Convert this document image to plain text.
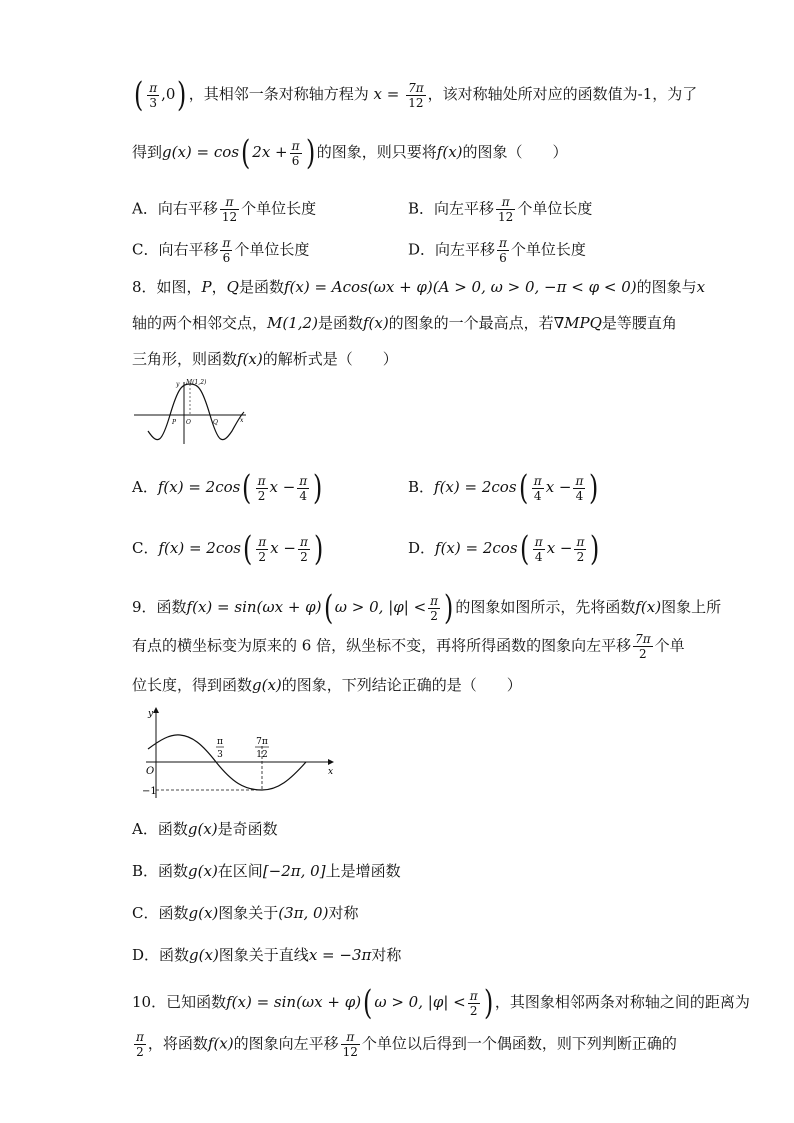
( $\frac{\pi}{3} ,0$) ，其相邻一条对称轴方程为 $x = \frac{7\pi}{12}$ ，该对称轴处所对应的函数值为-1，为了
得到g(x) = cos( $2x + \frac{\pi}{6}$ ) 的图象，则只要将f(x)的图象（　　）
A．向右平移 $\frac{\pi}{12}$ 个单位长度	B．向左平移 $\frac{\pi}{12}$ 个单位长度
C．向右平移 $\frac{\pi}{6}$ 个单位长度	D．向左平移 $\frac{\pi}{6}$ 个单位长度
8．如图，P，Q是函数f(x) = Acos(ωx + φ)(A > 0, ω > 0, −π < φ < 0)的图象与x
轴的两个相邻交点，M(1,2)是函数f(x)的图象的一个最高点，若∇MPQ是等腰直角
三角形，则函数f(x)的解析式是（　　）
y M(1,2)
P O	Q	x
A．$f(x) = 2\cos( \frac{\pi}{2}$ $x - \frac{\pi}{4}$ )	B．$f(x) = 2\cos( \frac{\pi}{4}$ $x - \frac{\pi}{4}$ )
C．$f(x) = 2\cos( \frac{\pi}{2}$ $x - \frac{\pi}{2}$ )	D．$f(x) = 2\cos( \frac{\pi}{4}$ $x - \frac{\pi}{2}$ )
9．函数f(x) = sin(ωx + φ)( ω > 0, $|\varphi| < \frac{\pi}{2}$ ) 的图象如图所示，先将函数f(x)图象上所
有点的横坐标变为原来的 6 倍，纵坐标不变，再将所得函数的图象向左平移 $\frac{7\pi}{2}$ 个单
位长度，得到函数g(x)的图象，下列结论正确的是（　　）
y
x
O
−1
π
3
7π
12
A．函数g(x)是奇函数
B．函数g(x)在区间[−2π, 0]上是增函数
C．函数g(x)图象关于(3π, 0)对称
D．函数g(x)图象关于直线x = −3π对称
10．已知函数f(x) = sin(ωx + φ)( ω > 0, $|\varphi| < \frac{\pi}{2}$ ) ，其图象相邻两条对称轴之间的距离为
$\frac{\pi}{2}$ ，将函数f(x)的图象向左平移 $\frac{\pi}{12}$ 个单位以后得到一个偶函数，则下列判断正确的
